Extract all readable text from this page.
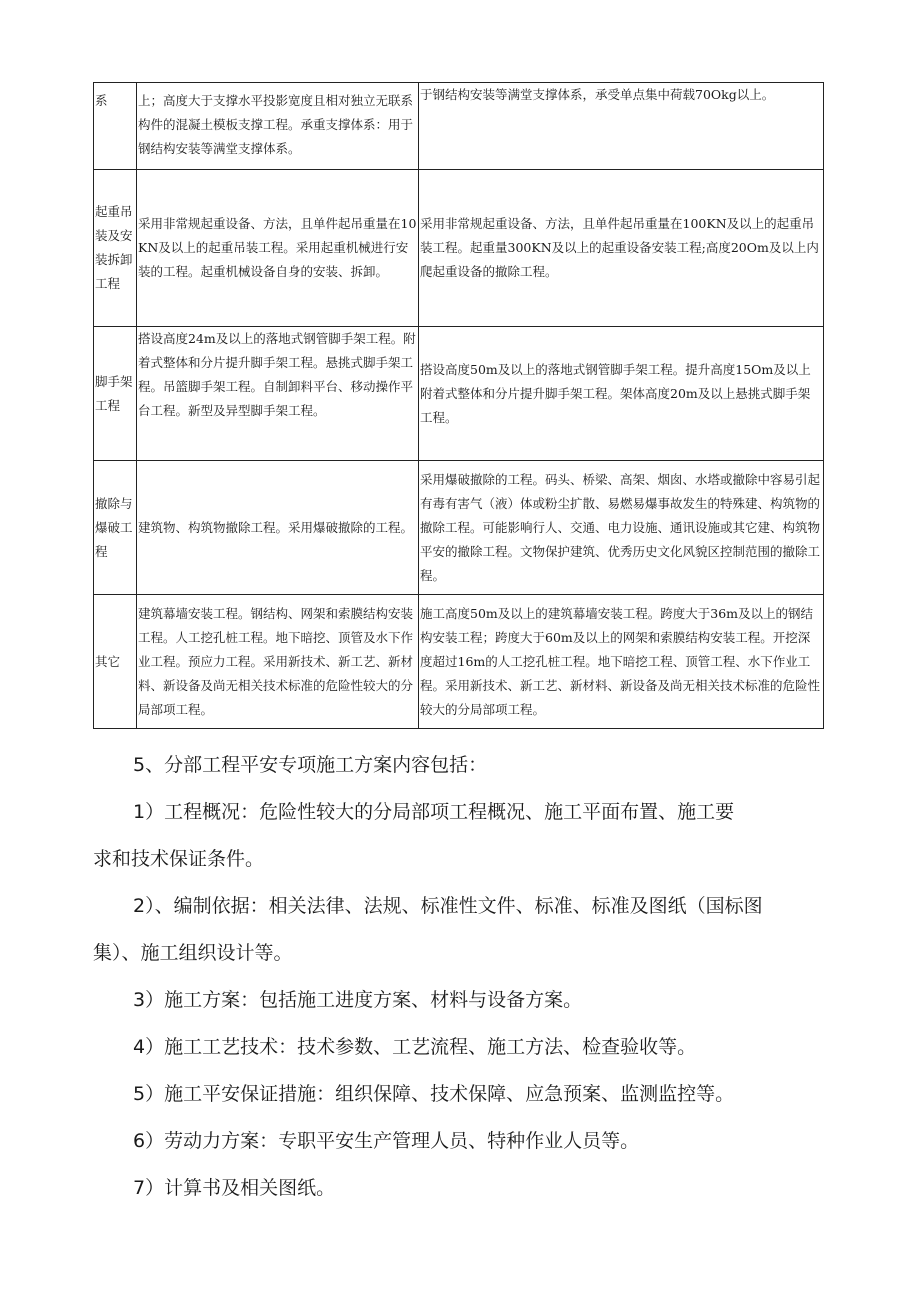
系	上；高度大于支撑水平投影宽度且相对独立无联系构件的混凝土模板支撑工程。承重支撑体系：用于钢结构安装等满堂支撑体系。	于钢结构安装等满堂支撑体系，承受单点集中荷载70Okg以上。
起重吊装及安装拆卸工程	采用非常规起重设备、方法，且单件起吊重量在10KN及以上的起重吊装工程。采用起重机械进行安装的工程。起重机械设备自身的安装、拆卸。	采用非常规起重设备、方法，且单件起吊重量在100KN及以上的起重吊装工程。起重量300KN及以上的起重设备安装工程;高度20Om及以上内爬起重设备的撤除工程。
脚手架工程	搭设高度24m及以上的落地式钢管脚手架工程。附着式整体和分片提升脚手架工程。悬挑式脚手架工程。吊篮脚手架工程。自制卸料平台、移动操作平台工程。新型及异型脚手架工程。	搭设高度50m及以上的落地式钢管脚手架工程。提升高度15Om及以上附着式整体和分片提升脚手架工程。架体高度20m及以上悬挑式脚手架工程。
撤除与爆破工程	建筑物、构筑物撤除工程。采用爆破撤除的工程。	采用爆破撤除的工程。码头、桥梁、高架、烟囱、水塔或撤除中容易引起有毒有害气（液）体或粉尘扩散、易燃易爆事故发生的特殊建、构筑物的撤除工程。可能影响行人、交通、电力设施、通讯设施或其它建、构筑物平安的撤除工程。文物保护建筑、优秀历史文化风貌区控制范围的撤除工程。
其它	建筑幕墙安装工程。钢结构、网架和索膜结构安装工程。人工挖孔桩工程。地下暗挖、顶管及水下作业工程。预应力工程。采用新技术、新工艺、新材料、新设备及尚无相关技术标准的危险性较大的分局部项工程。	施工高度50m及以上的建筑幕墙安装工程。跨度大于36m及以上的钢结构安装工程；跨度大于60m及以上的网架和索膜结构安装工程。开挖深度超过16m的人工挖孔桩工程。地下暗挖工程、顶管工程、水下作业工程。采用新技术、新工艺、新材料、新设备及尚无相关技术标准的危险性较大的分局部项工程。

5、分部工程平安专项施工方案内容包括：

1）工程概况：危险性较大的分局部项工程概况、施工平面布置、施工要

求和技术保证条件。

2）、编制依据：相关法律、法规、标准性文件、标准、标准及图纸（国标图

集）、施工组织设计等。

3）施工方案：包括施工进度方案、材料与设备方案。

4）施工工艺技术：技术参数、工艺流程、施工方法、检查验收等。

5）施工平安保证措施：组织保障、技术保障、应急预案、监测监控等。

6）劳动力方案：专职平安生产管理人员、特种作业人员等。

7）计算书及相关图纸。
